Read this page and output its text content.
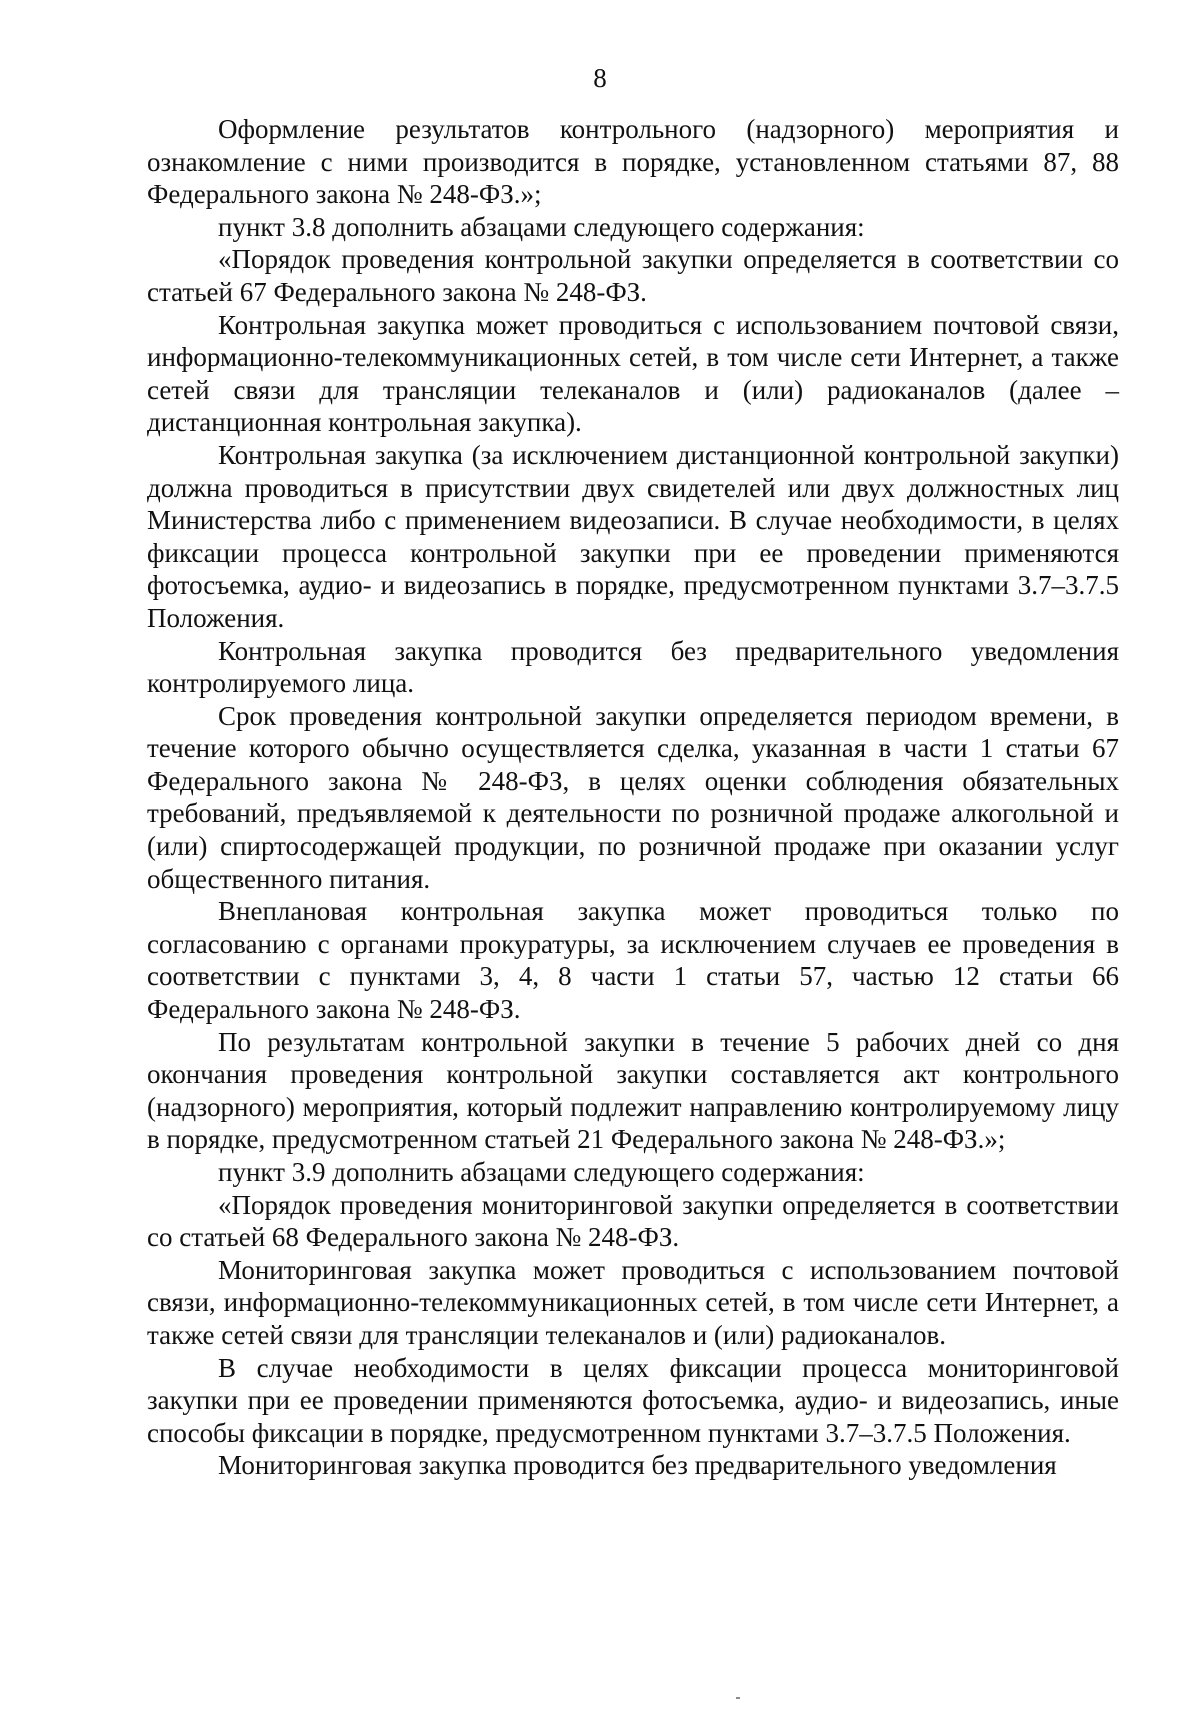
8

Оформление результатов контрольного (надзорного) мероприятия и ознакомление с ними производится в порядке, установленном статьями 87, 88 Федерального закона № 248-ФЗ.»;

пункт 3.8 дополнить абзацами следующего содержания:

«Порядок проведения контрольной закупки определяется в соответствии со статьей 67 Федерального закона № 248-ФЗ.

Контрольная закупка может проводиться с использованием почтовой связи, информационно-телекоммуникационных сетей, в том числе сети Интернет, а также сетей связи для трансляции телеканалов и (или) радиоканалов (далее – дистанционная контрольная закупка).

Контрольная закупка (за исключением дистанционной контрольной закупки) должна проводиться в присутствии двух свидетелей или двух должностных лиц Министерства либо с применением видеозаписи. В случае необходимости, в целях фиксации процесса контрольной закупки при ее проведении применяются фотосъемка, аудио- и видеозапись в порядке, предусмотренном пунктами 3.7–3.7.5 Положения.

Контрольная закупка проводится без предварительного уведомления контролируемого лица.

Срок проведения контрольной закупки определяется периодом времени, в течение которого обычно осуществляется сделка, указанная в части 1 статьи 67 Федерального закона № 248-ФЗ, в целях оценки соблюдения обязательных требований, предъявляемой к деятельности по розничной продаже алкогольной и (или) спиртосодержащей продукции, по розничной продаже при оказании услуг общественного питания.

Внеплановая контрольная закупка может проводиться только по согласованию с органами прокуратуры, за исключением случаев ее проведения в соответствии с пунктами 3, 4, 8 части 1 статьи 57, частью 12 статьи 66 Федерального закона № 248-ФЗ.

По результатам контрольной закупки в течение 5 рабочих дней со дня окончания проведения контрольной закупки составляется акт контрольного (надзорного) мероприятия, который подлежит направлению контролируемому лицу в порядке, предусмотренном статьей 21 Федерального закона № 248-ФЗ.»;

пункт 3.9 дополнить абзацами следующего содержания:

«Порядок проведения мониторинговой закупки определяется в соответствии со статьей 68 Федерального закона № 248-ФЗ.

Мониторинговая закупка может проводиться с использованием почтовой связи, информационно-телекоммуникационных сетей, в том числе сети Интернет, а также сетей связи для трансляции телеканалов и (или) радиоканалов.

В случае необходимости в целях фиксации процесса мониторинговой закупки при ее проведении применяются фотосъемка, аудио- и видеозапись, иные способы фиксации в порядке, предусмотренном пунктами 3.7–3.7.5 Положения.

Мониторинговая закупка проводится без предварительного уведомления
